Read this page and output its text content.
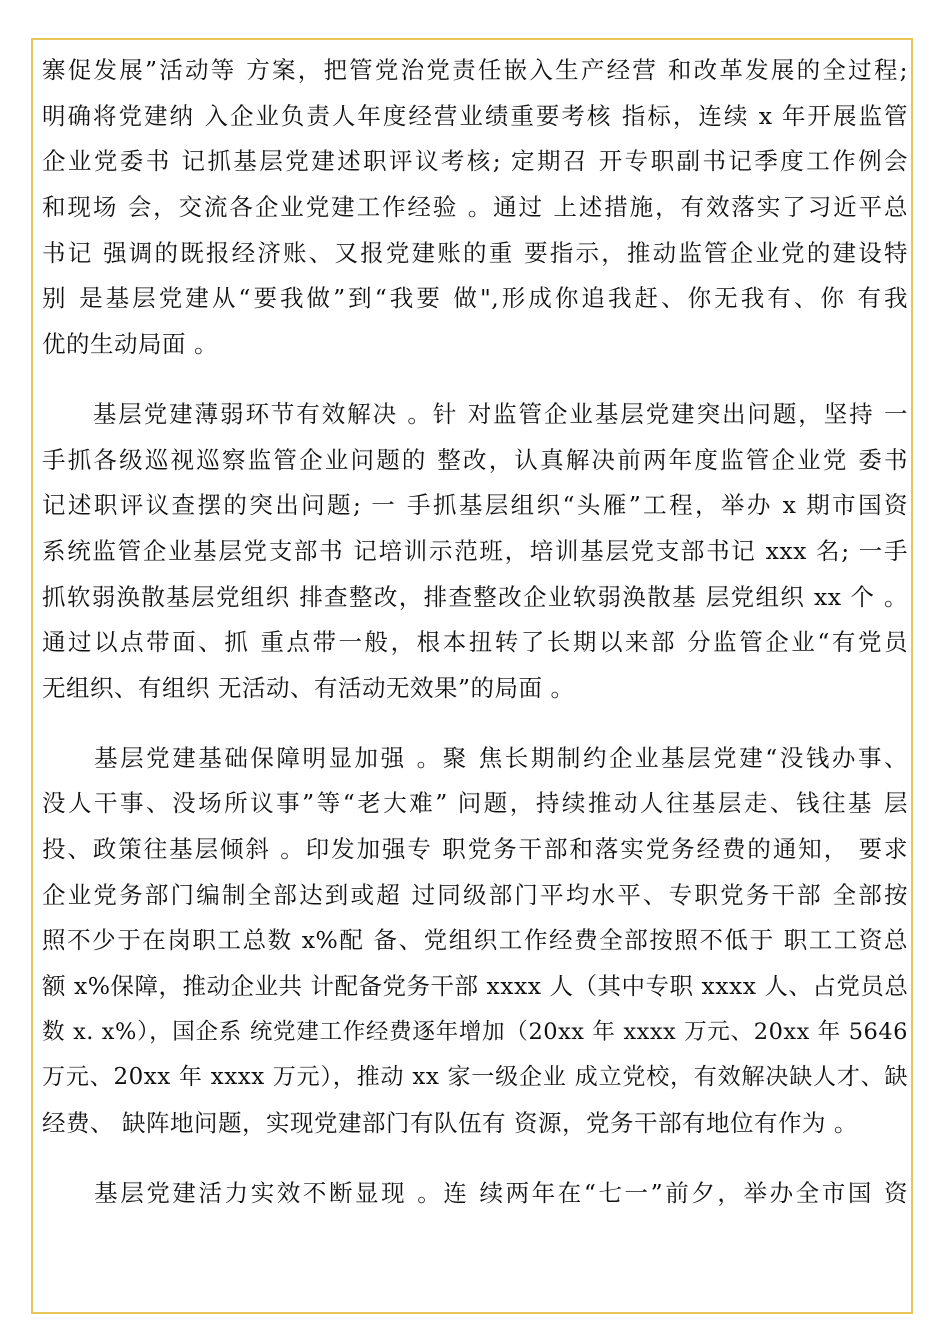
寨促发展”活动等 方案，把管党治党责任嵌入生产经营 和改革发展的全过程;
明确将党建纳 入企业负责人年度经营业绩重要考核 指标，连续 x 年开展监管
企业党委书 记抓基层党建述职评议考核; 定期召 开专职副书记季度工作例会
和现场 会，交流各企业党建工作经验 。通过 上述措施，有效落实了习近平总
书记 强调的既报经济账、又报党建账的重 要指示，推动监管企业党的建设特
别 是基层党建从“要我做”到“我要 做",形成你追我赶、你无我有、你 有我
优的生动局面 。
　　基层党建薄弱环节有效解决 。针 对监管企业基层党建突出问题，坚持 一
手抓各级巡视巡察监管企业问题的 整改，认真解决前两年度监管企业党 委书
记述职评议查摆的突出问题; 一 手抓基层组织“头雁”工程，举办 x 期市国资
系统监管企业基层党支部书 记培训示范班，培训基层党支部书记 xxx 名; 一手
抓软弱涣散基层党组织 排查整改，排查整改企业软弱涣散基 层党组织 xx 个 。
通过以点带面、抓 重点带一般，根本扭转了长期以来部 分监管企业“有党员
无组织、有组织 无活动、有活动无效果”的局面 。
　　基层党建基础保障明显加强 。聚 焦长期制约企业基层党建“没钱办事、
没人干事、没场所议事”等“老大难” 问题，持续推动人往基层走、钱往基 层
投、政策往基层倾斜 。印发加强专 职党务干部和落实党务经费的通知， 要求
企业党务部门编制全部达到或超 过同级部门平均水平、专职党务干部 全部按
照不少于在岗职工总数 x%配 备、党组织工作经费全部按照不低于 职工工资总
额 x%保障，推动企业共 计配备党务干部 xxxx 人（其中专职 xxxx 人、占党员总
数 x. x%），国企系 统党建工作经费逐年增加（20xx 年 xxxx 万元、20xx 年 5646
万元、20xx 年 xxxx 万元），推动 xx 家一级企业 成立党校，有效解决缺人才、缺
经费、 缺阵地问题，实现党建部门有队伍有 资源，党务干部有地位有作为 。
　　基层党建活力实效不断显现 。连 续两年在“七一”前夕，举办全市国 资
